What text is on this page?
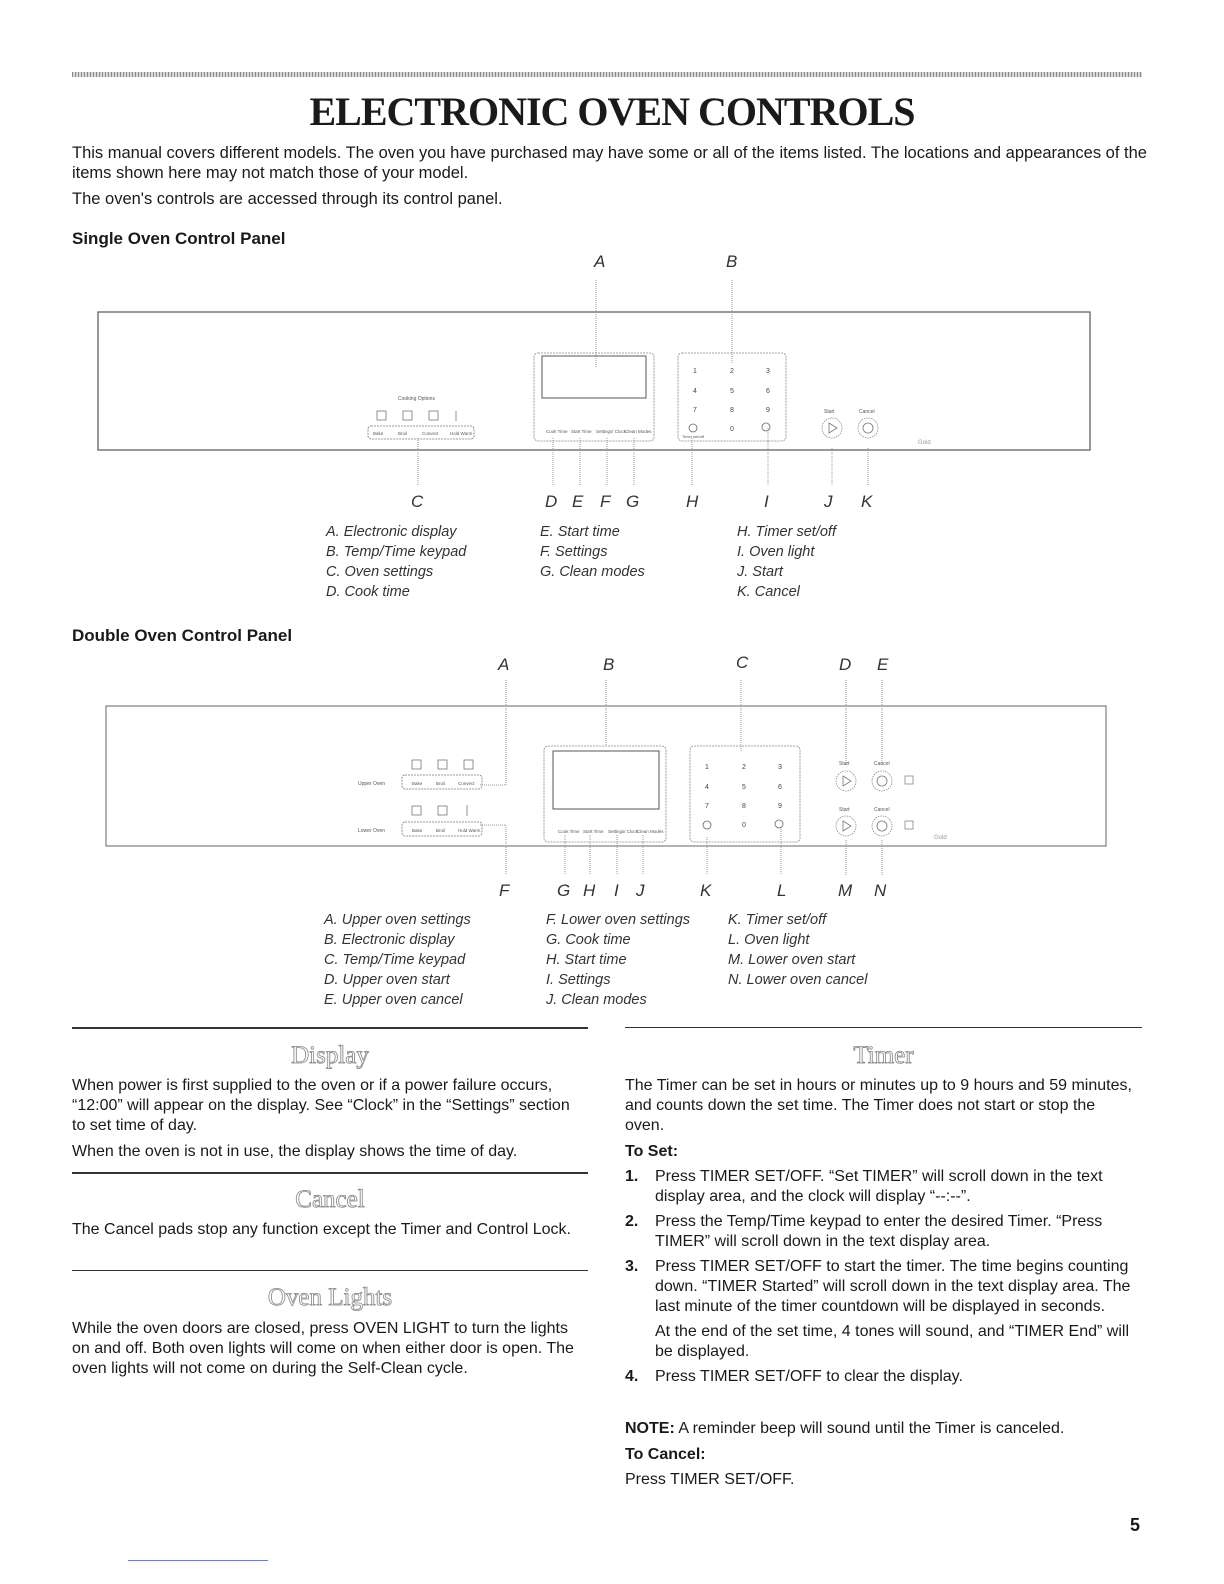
ELECTRONIC OVEN CONTROLS
This manual covers different models. The oven you have purchased may have some or all of the items listed. The locations and appearances of the items shown here may not match those of your model.
The oven's controls are accessed through its control panel.
Single Oven Control Panel
A	B
Cooking Options
Bake	Broil	Convect	Hold Warm	Cook Time Start Time Settings/ Clock
Clean Modes
1	2	3
4	5	6
7	8	9
0
Timer set/off
Start	Cancel
Gold
C	D E F G	H	I	J K
A. Electronic display
B. Temp/Time keypad
C. Oven settings
D. Cook time
E. Start time
F. Settings
G. Clean modes
H. Timer set/off
I. Oven light
J. Start
K. Cancel
Double Oven Control Panel
A	B	C	D E
Upper Oven
Lower Oven
Bake	Broil	Convect
Bake	Broil	Hold Warm	Cook Time Start Time Settings/ Clock
Clean Modes
1	2	3
4	5	6
7	8	9
0
Start	Cancel
Start	Cancel
Gold
F	G H I J	K	L	M N
A. Upper oven settings
B. Electronic display
C. Temp/Time keypad
D. Upper oven start
E. Upper oven cancel
F. Lower oven settings
G. Cook time
H. Start time
I. Settings
J. Clean modes
K. Timer set/off
L. Oven light
M. Lower oven start
N. Lower oven cancel
Display
When power is first supplied to the oven or if a power failure occurs, “12:00” will appear on the display. See “Clock” in the “Settings” section to set time of day.
When the oven is not in use, the display shows the time of day.
Cancel
The Cancel pads stop any function except the Timer and Control Lock.
Oven Lights
While the oven doors are closed, press OVEN LIGHT to turn the lights on and off. Both oven lights will come on when either door is open. The oven lights will not come on during the Self-Clean cycle.
Timer
The Timer can be set in hours or minutes up to 9 hours and 59 minutes, and counts down the set time. The Timer does not start or stop the oven.
To Set:
1. Press TIMER SET/OFF. “Set TIMER” will scroll down in the text display area, and the clock will display “--:--”.
2. Press the Temp/Time keypad to enter the desired Timer. “Press TIMER” will scroll down in the text display area.
3. Press TIMER SET/OFF to start the timer. The time begins counting down. “TIMER Started” will scroll down in the text display area. The last minute of the timer countdown will be displayed in seconds.
At the end of the set time, 4 tones will sound, and “TIMER End” will be displayed.
4. Press TIMER SET/OFF to clear the display.
NOTE: A reminder beep will sound until the Timer is canceled.
To Cancel:
Press TIMER SET/OFF.
5
